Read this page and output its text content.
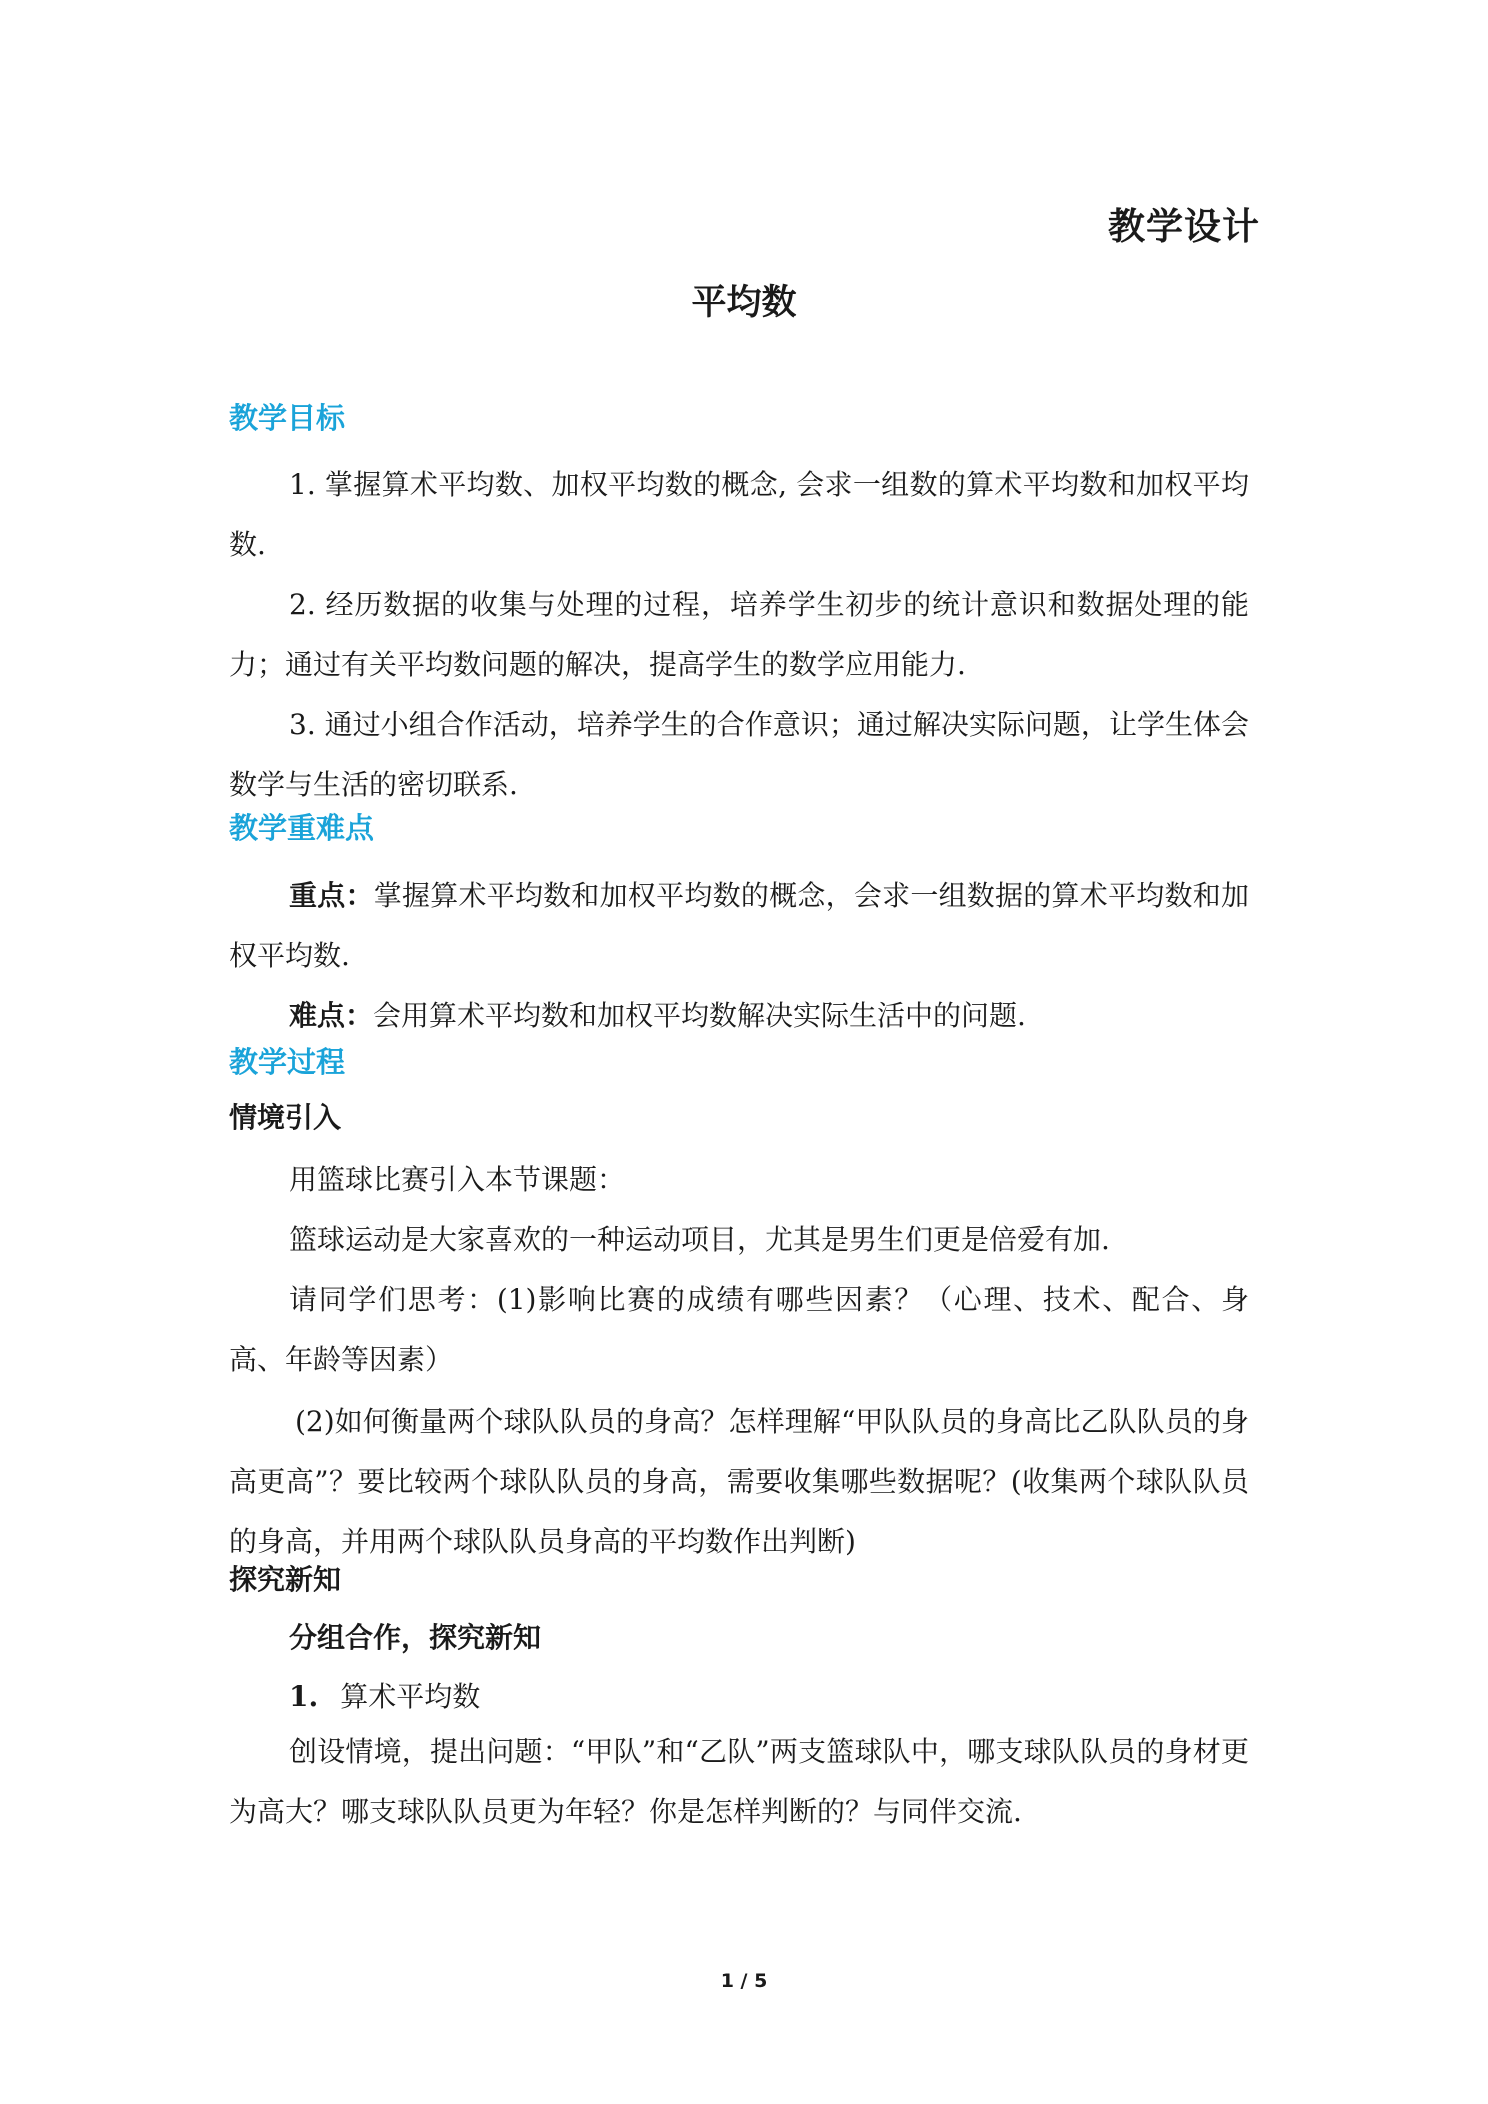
教学设计
平均数
教学目标
1. 掌握算术平均数、加权平均数的概念, 会求一组数的算术平均数和加权平均数.
2. 经历数据的收集与处理的过程，培养学生初步的统计意识和数据处理的能力；通过有关平均数问题的解决，提高学生的数学应用能力.
3. 通过小组合作活动，培养学生的合作意识；通过解决实际问题，让学生体会数学与生活的密切联系.
教学重难点
重点：掌握算术平均数和加权平均数的概念，会求一组数据的算术平均数和加权平均数.
难点：会用算术平均数和加权平均数解决实际生活中的问题.
教学过程
情境引入
用篮球比赛引入本节课题：
篮球运动是大家喜欢的一种运动项目，尤其是男生们更是倍爱有加.
请同学们思考：(1)影响比赛的成绩有哪些因素？（心理、技术、配合、身高、年龄等因素）
(2)如何衡量两个球队队员的身高？怎样理解“甲队队员的身高比乙队队员的身高更高”？要比较两个球队队员的身高，需要收集哪些数据呢？(收集两个球队队员的身高，并用两个球队队员身高的平均数作出判断)
探究新知
分组合作，探究新知
1. 算术平均数
创设情境，提出问题：“甲队”和“乙队”两支篮球队中，哪支球队队员的身材更为高大？哪支球队队员更为年轻？你是怎样判断的？与同伴交流.
1 / 5
